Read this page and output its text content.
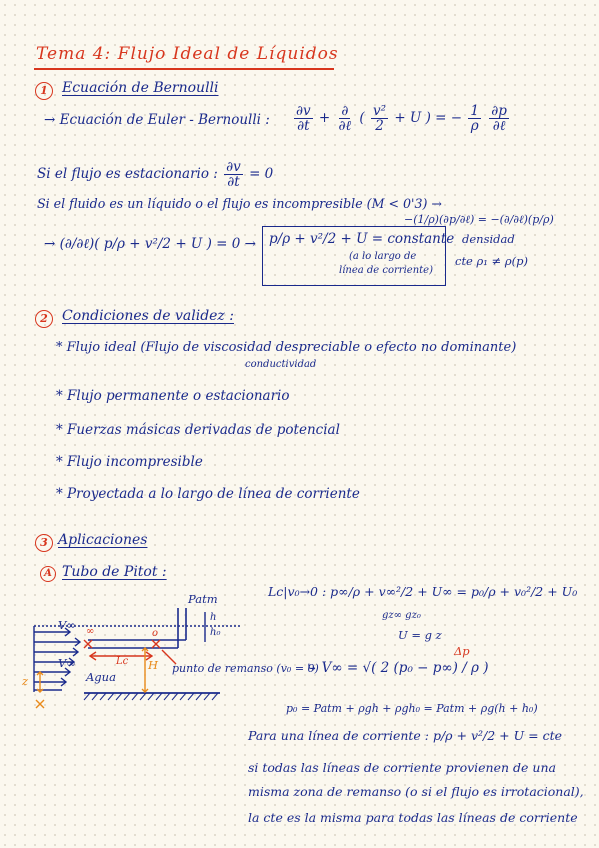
Tema 4: Flujo Ideal de Líquidos
1	Ecuación de Bernoulli
→ Ecuación de Euler - Bernoulli : $\frac{\partial v}{\partial t} + \frac{\partial}{\text{∂ℓ}}$ ( $\frac{\text{v²}}{2} + U$ ) = − $\frac{1}{\rho}$
$\frac{\partial p}{\text{∂ℓ}}$
Si el flujo es estacionario : $\frac{\partial v}{\partial t} = 0$
Si el fluido es un líquido o el flujo es incompresible (M < 0'3) →
−(1/ρ)(∂p/∂ℓ) = −(∂/∂ℓ)(p/ρ)
→ (∂/∂ℓ)( p/ρ + v²/2 + U ) = 0 → p/ρ + v²/2 + U = constante
(a lo largo de
línea de corriente)
densidad
cte ρ₁ ≠ ρ(p)
2	Condiciones de validez :
* Flujo ideal (Flujo de viscosidad despreciable o efecto no dominante)
conductividad
* Flujo permanente o estacionario
* Fuerzas másicas derivadas de potencial
* Flujo incompresible
* Proyectada a lo largo de línea de corriente
3 Aplicaciones
A Tubo de Pitot :
V∞
V∞
Agua
Patm
h
h₀
Lc H
z
∞	o
punto de remanso (v₀ = 0)
Lc|v₀→0 : p∞/ρ + v∞²/2 + U∞ = p₀/ρ + v₀²/2 + U₀
gz∞ gz₀
U = g z
Δp
⤷ V∞ = √( 2 (p₀ − p∞) / ρ )
p₀ = Patm + ρgh + ρgh₀ = Patm + ρg(h + h₀)
Para una línea de corriente : p/ρ + v²/2 + U = cte
si todas las líneas de corriente provienen de una
misma zona de remanso (o si el flujo es irrotacional),
la cte es la misma para todas las líneas de corriente
